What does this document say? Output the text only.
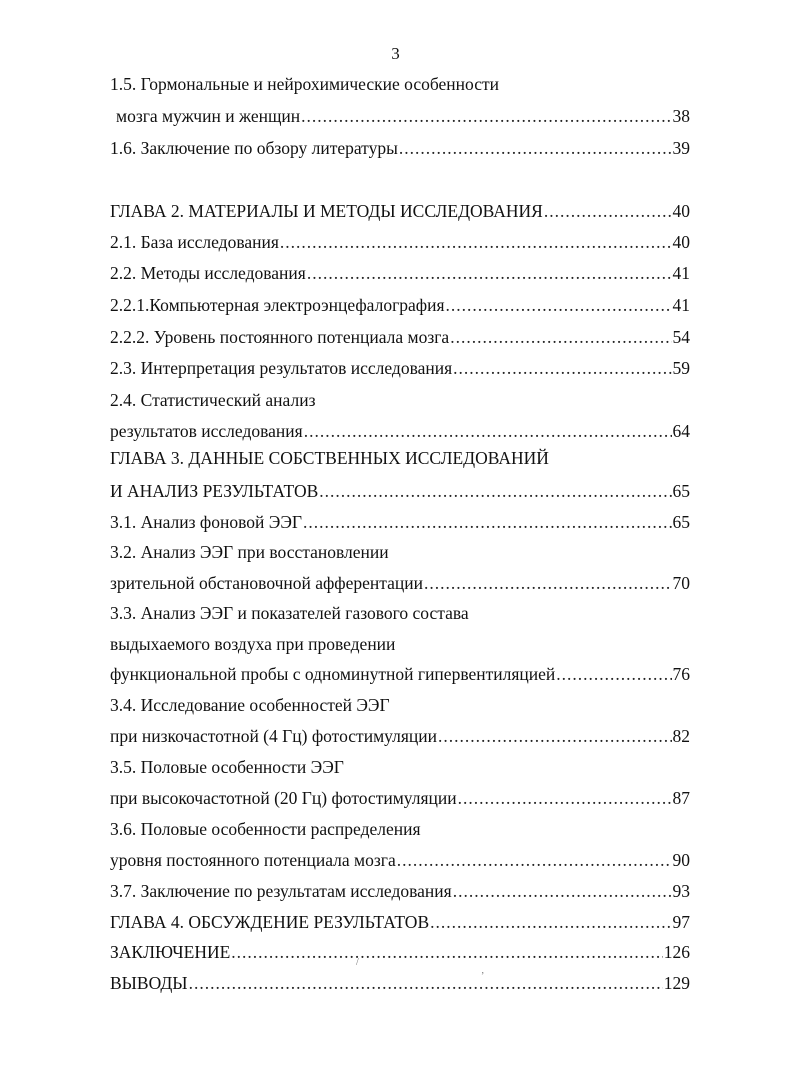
3
1.5. Гормональные и нейрохимические особенности
мозга мужчин и женщин .....	38
1.6. Заключение по обзору литературы .....	39
ГЛАВА 2. МАТЕРИАЛЫ И МЕТОДЫ ИССЛЕДОВАНИЯ .....	40
2.1. База исследования .....	40
2.2. Методы исследования .....	41
2.2.1.Компьютерная электроэнцефалография .....	41
2.2.2. Уровень постоянного потенциала мозга .....	54
2.3. Интерпретация результатов исследования .....	59
2.4. Статистический анализ
результатов исследования .....	64
ГЛАВА 3. ДАННЫЕ СОБСТВЕННЫХ ИССЛЕДОВАНИЙ
И АНАЛИЗ РЕЗУЛЬТАТОВ .....	65
3.1. Анализ фоновой ЭЭГ .....	65
3.2. Анализ ЭЭГ при восстановлении
зрительной обстановочной афферентации .....	70
3.3. Анализ ЭЭГ и показателей газового состава
выдыхаемого воздуха при проведении
функциональной пробы с одноминутной гипервентиляцией .....	76
3.4. Исследование особенностей ЭЭГ
при низкочастотной (4 Гц) фотостимуляции .....	82
3.5. Половые особенности ЭЭГ
при высокочастотной (20 Гц) фотостимуляции .....	87
3.6. Половые особенности распределения
уровня постоянного потенциала мозга .....	90
3.7. Заключение по результатам исследования .....	93
ГЛАВА 4. ОБСУЖДЕНИЕ РЕЗУЛЬТАТОВ .....	97
ЗАКЛЮЧЕНИЕ .....	126
ВЫВОДЫ .....	129
/
‚
